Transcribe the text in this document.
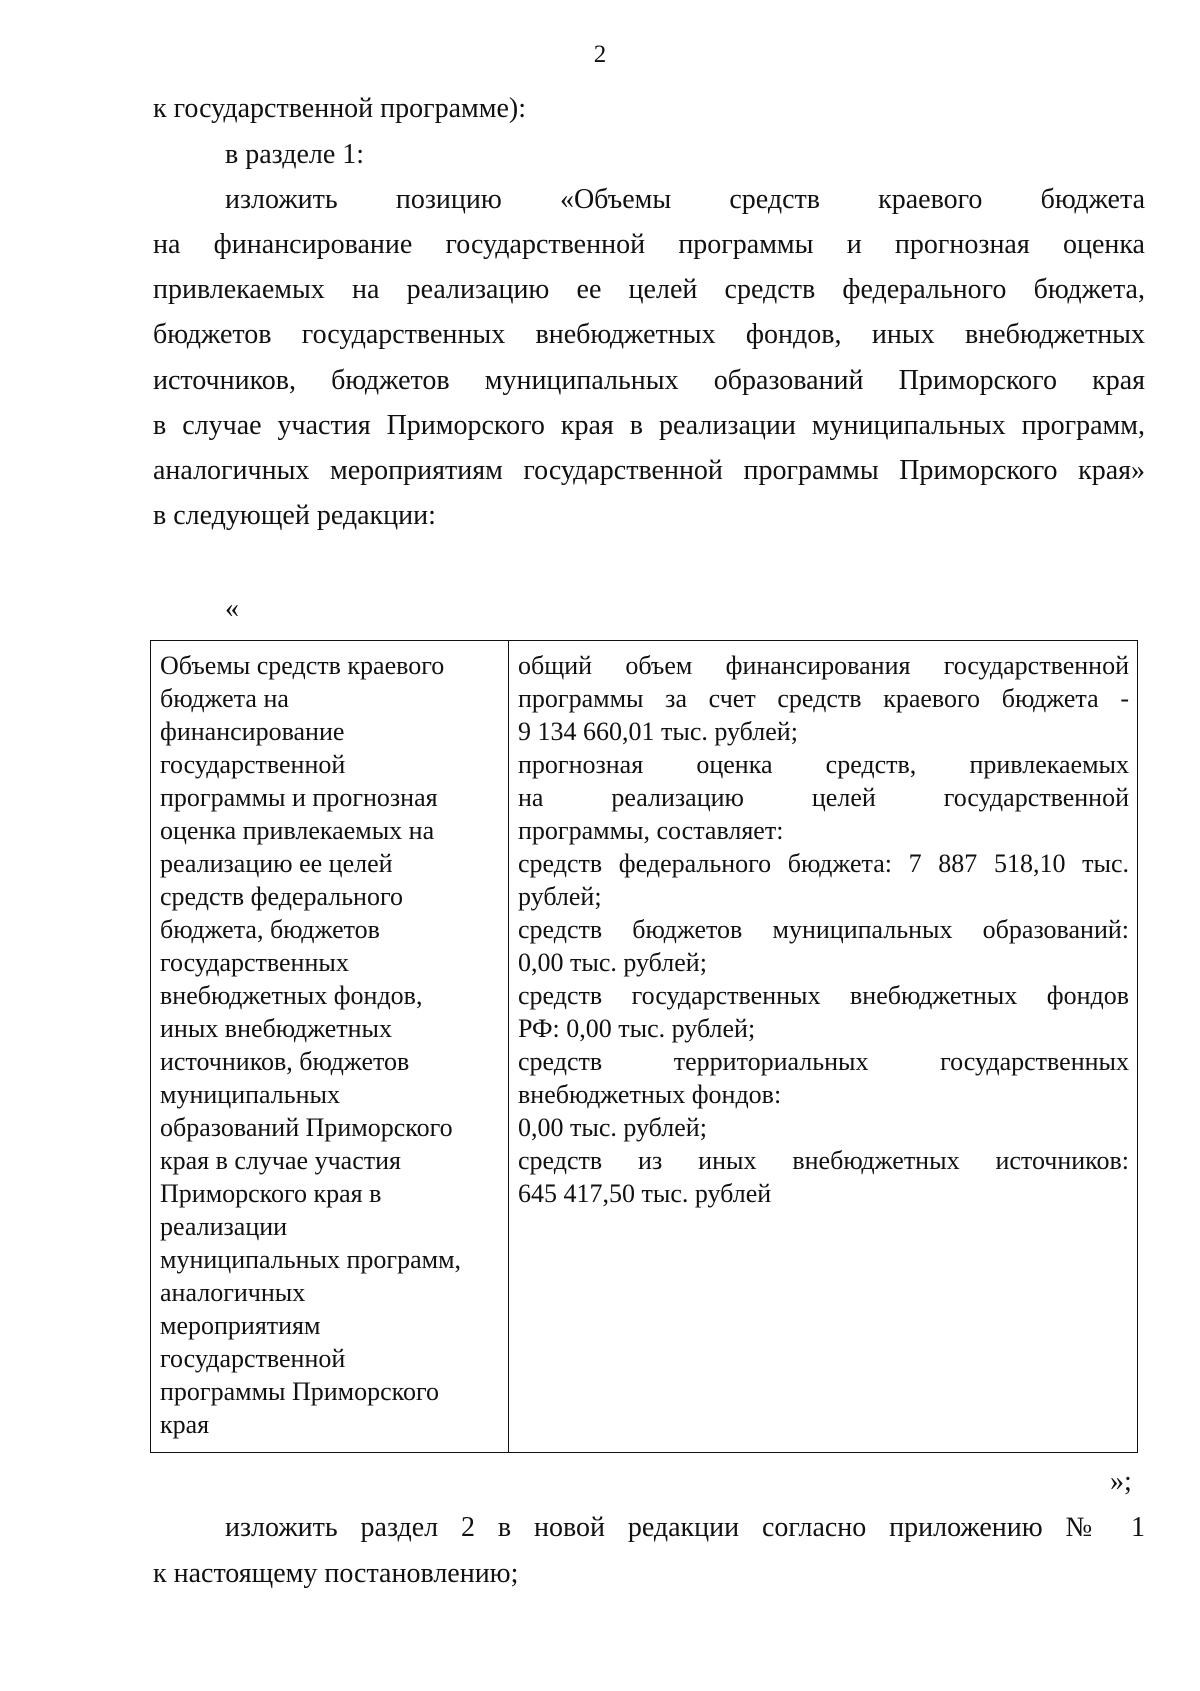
2
к государственной программе):
в разделе 1:
изложить позицию «Объемы средств краевого бюджета
на финансирование государственной программы и прогнозная оценка
привлекаемых на реализацию ее целей средств федерального бюджета,
бюджетов государственных внебюджетных фондов, иных внебюджетных
источников, бюджетов муниципальных образований Приморского края
в случае участия Приморского края в реализации муниципальных программ,
аналогичных мероприятиям государственной программы Приморского края»
в следующей редакции:
«
Объемы средств краевого
бюджета на
финансирование
государственной
программы и прогнозная
оценка привлекаемых на
реализацию ее целей
средств федерального
бюджета, бюджетов
государственных
внебюджетных фондов,
иных внебюджетных
источников, бюджетов
муниципальных
образований Приморского
края в случае участия
Приморского края в
реализации
муниципальных программ,
аналогичных
мероприятиям
государственной
программы Приморского
края
общий объем финансирования государственной
программы за счет средств краевого бюджета -
9 134 660,01 тыс. рублей;
прогнозная оценка средств, привлекаемых
на реализацию целей государственной
программы, составляет:
средств федерального бюджета: 7 887 518,10 тыс.
рублей;
средств бюджетов муниципальных образований:
0,00 тыс. рублей;
средств государственных внебюджетных фондов
РФ: 0,00 тыс. рублей;
средств территориальных государственных
внебюджетных фондов:
0,00 тыс. рублей;
средств из иных внебюджетных источников:
645 417,50 тыс. рублей
»;
изложить раздел 2 в новой редакции согласно приложению № 1
к настоящему постановлению;
